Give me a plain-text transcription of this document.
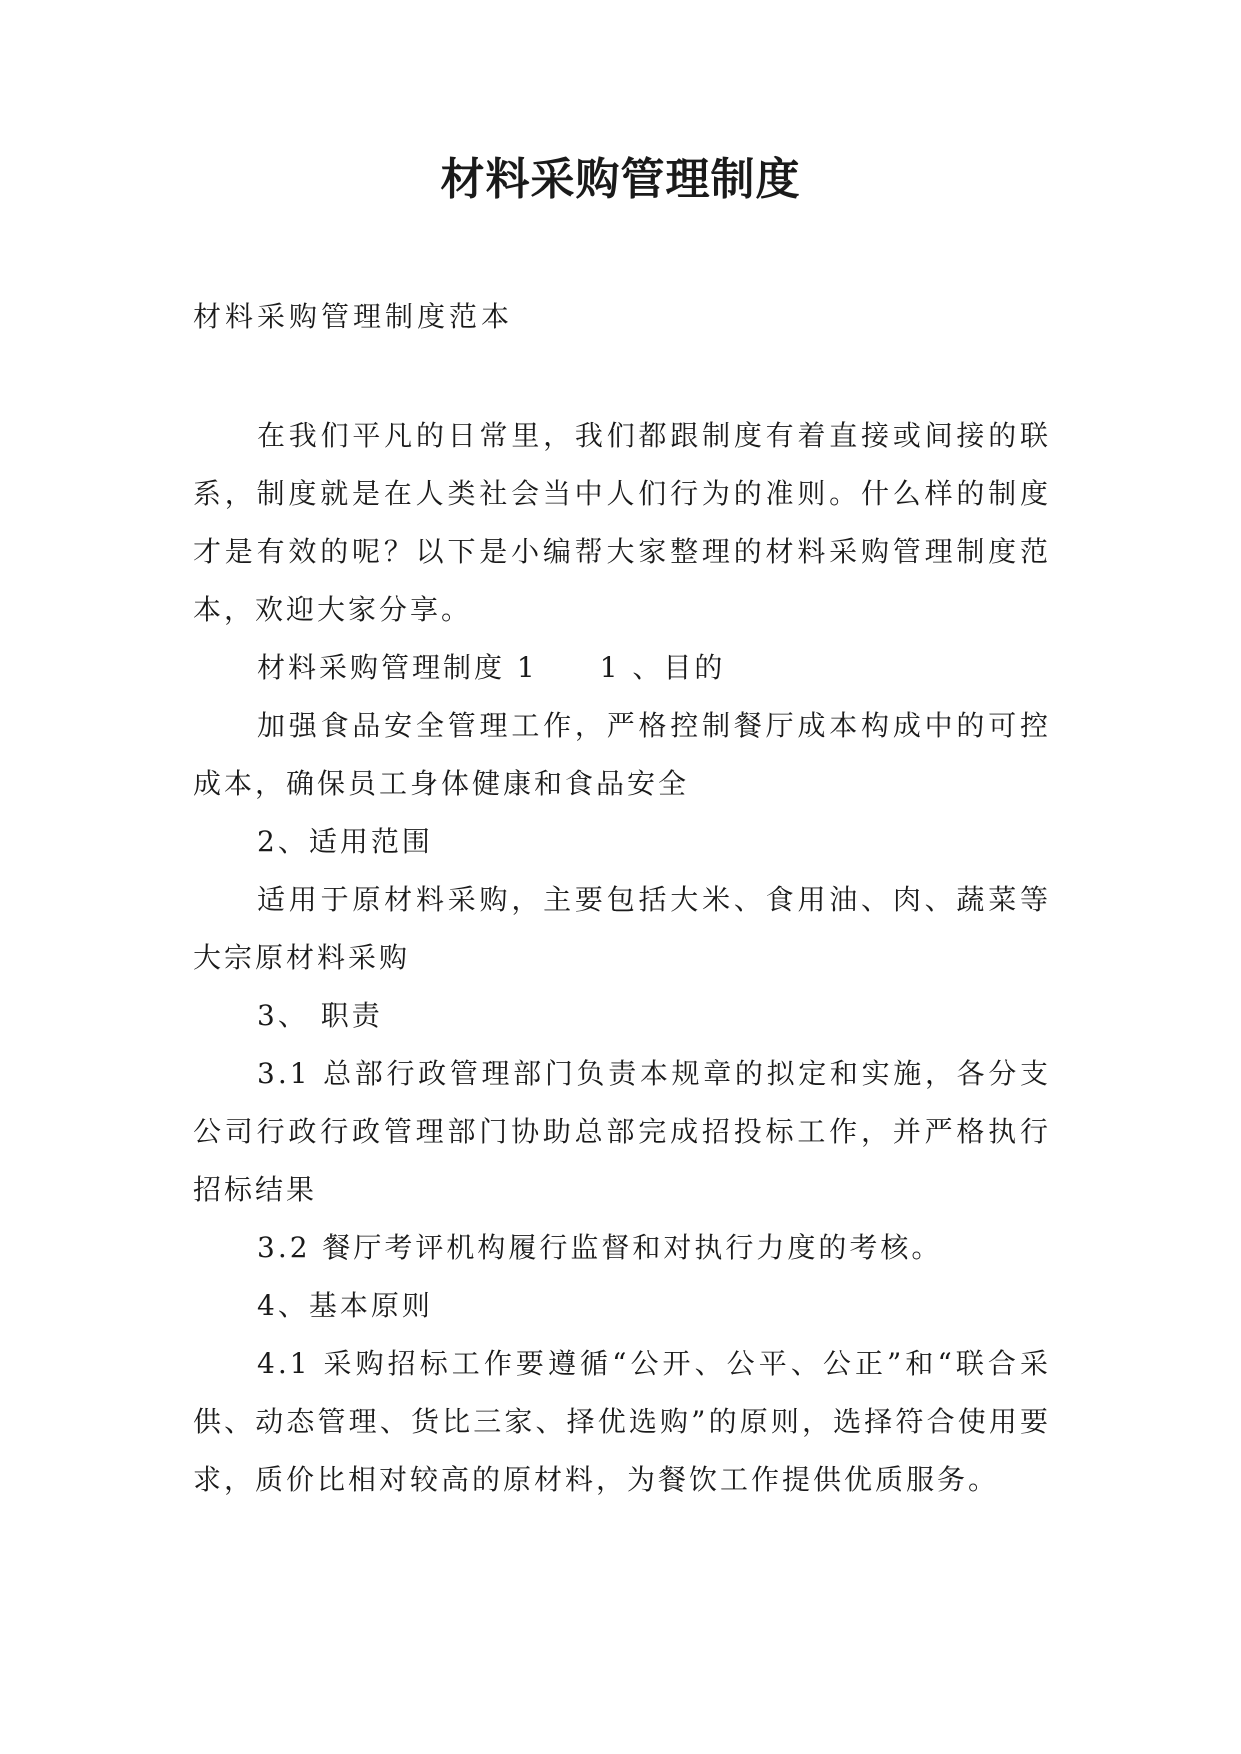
材料采购管理制度

材料采购管理制度范本

在我们平凡的日常里，我们都跟制度有着直接或间接的联系，制度就是在人类社会当中人们行为的准则。什么样的制度才是有效的呢？以下是小编帮大家整理的材料采购管理制度范本，欢迎大家分享。

材料采购管理制度 1 1 、目的

加强食品安全管理工作，严格控制餐厅成本构成中的可控成本，确保员工身体健康和食品安全

2、适用范围

适用于原材料采购，主要包括大米、食用油、肉、蔬菜等大宗原材料采购

3、 职责

3.1 总部行政管理部门负责本规章的拟定和实施，各分支公司行政行政管理部门协助总部完成招投标工作，并严格执行招标结果

3.2 餐厅考评机构履行监督和对执行力度的考核。

4、基本原则

4.1 采购招标工作要遵循“公开、公平、公正”和“联合采供、动态管理、货比三家、择优选购”的原则，选择符合使用要求，质价比相对较高的原材料，为餐饮工作提供优质服务。
